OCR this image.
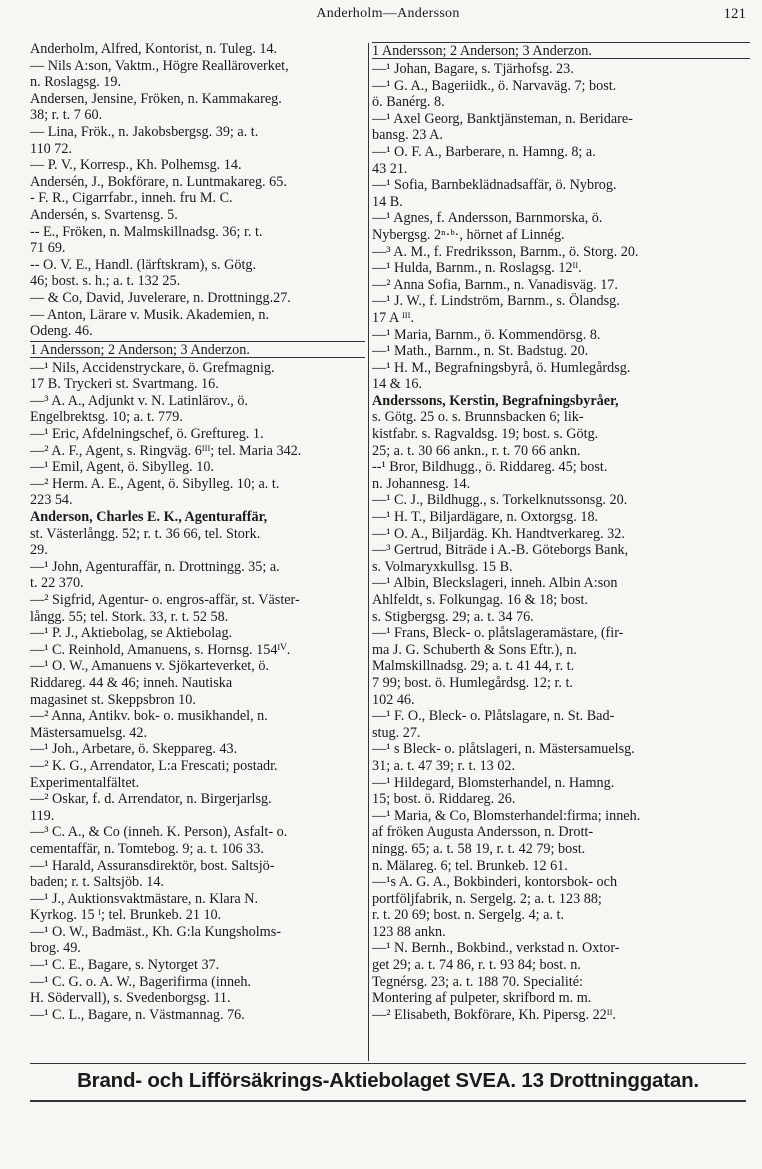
Anderholm—Andersson	121
Anderholm, Alfred, Kontorist, n. Tuleg. 14.
— Nils A:son, Vaktm., Högre Realläroverket,
n. Roslagsg. 19.
Andersen, Jensine, Fröken, n. Kammakareg.
38; r. t. 7 60.
— Lina, Frök., n. Jakobsbergsg. 39; a. t.
110 72.
— P. V., Korresp., Kh. Polhemsg. 14.
Andersén, J., Bokförare, n. Luntmakareg. 65.
- F. R., Cigarrfabr., inneh. fru M. C.
Andersén, s. Svartensg. 5.
-- E., Fröken, n. Malmskillnadsg. 36; r. t.
71 69.
-- O. V. E., Handl. (lärftskram), s. Götg.
46; bost. s. h.; a. t. 132 25.
— & Co, David, Juvelerare, n. Drottningg.27.
— Anton, Lärare v. Musik. Akademien, n.
Odeng. 46.
1 Andersson; 2 Anderson; 3 Anderzon.
—¹ Nils, Accidenstryckare, ö. Grefmagnig.
17 B. Tryckeri st. Svartmang. 16.
—³ A. A., Adjunkt v. N. Latinlärov., ö.
Engelbrektsg. 10; a. t. 779.
—¹ Eric, Afdelningschef, ö. Greftureg. 1.
—² A. F., Agent, s. Ringväg. 6ᴵᴵᴵ; tel. Maria 342.
—¹ Emil, Agent, ö. Sibylleg. 10.
—² Herm. A. E., Agent, ö. Sibylleg. 10; a. t.
223 54.
Anderson, Charles E. K., Agenturaffär,
st. Västerlångg. 52; r. t. 36 66, tel. Stork.
29.
—¹ John, Agenturaffär, n. Drottningg. 35; a.
t. 22 370.
—² Sigfrid, Agentur- o. engros-affär, st. Väster-
långg. 55; tel. Stork. 33, r. t. 52 58.
—¹ P. J., Aktiebolag, se Aktiebolag.
—¹ C. Reinhold, Amanuens, s. Hornsg. 154ᴵⱽ.
—¹ O. W., Amanuens v. Sjökarteverket, ö.
Riddareg. 44 & 46; inneh. Nautiska
magasinet st. Skeppsbron 10.
—² Anna, Antikv. bok- o. musikhandel, n.
Mästersamuelsg. 42.
—¹ Joh., Arbetare, ö. Skeppareg. 43.
—² K. G., Arrendator, L:a Frescati; postadr.
Experimentalfältet.
—² Oskar, f. d. Arrendator, n. Birgerjarlsg.
119.
—³ C. A., & Co (inneh. K. Person), Asfalt- o.
cementaffär, n. Tomtebog. 9; a. t. 106 33.
—¹ Harald, Assuransdirektör, bost. Saltsjö-
baden; r. t. Saltsjöb. 14.
—¹ J., Auktionsvaktmästare, n. Klara N.
Kyrkog. 15 ᴵ; tel. Brunkeb. 21 10.
—¹ O. W., Badmäst., Kh. G:la Kungsholms-
brog. 49.
—¹ C. E., Bagare, s. Nytorget 37.
—¹ C. G. o. A. W., Bagerifirma (inneh.
H. Södervall), s. Svedenborgsg. 11.
—¹ C. L., Bagare, n. Västmannag. 76.
1 Andersson; 2 Anderson; 3 Anderzon.
—¹ Johan, Bagare, s. Tjärhofsg. 23.
—¹ G. A., Bageriidk., ö. Narvaväg. 7; bost.
ö. Banérg. 8.
—¹ Axel Georg, Banktjänsteman, n. Beridare-
bansg. 23 A.
—¹ O. F. A., Barberare, n. Hamng. 8; a.
43 21.
—¹ Sofia, Barnbeklädnadsaffär, ö. Nybrog.
14 B.
—¹ Agnes, f. Andersson, Barnmorska, ö.
Nybergsg. 2ⁿ·ᵇ·, hörnet af Linnég.
—³ A. M., f. Fredriksson, Barnm., ö. Storg. 20.
—¹ Hulda, Barnm., n. Roslagsg. 12ᴵᴵ.
—² Anna Sofia, Barnm., n. Vanadisväg. 17.
—¹ J. W., f. Lindström, Barnm., s. Ölandsg.
17 A ᴵᴵᴵ.
—¹ Maria, Barnm., ö. Kommendörsg. 8.
—¹ Math., Barnm., n. St. Badstug. 20.
—¹ H. M., Begrafningsbyrå, ö. Humlegårdsg.
14 & 16.
Anderssons, Kerstin, Begrafningsbyråer,
s. Götg. 25 o. s. Brunnsbacken 6; lik-
kistfabr. s. Ragvaldsg. 19; bost. s. Götg.
25; a. t. 30 66 ankn., r. t. 70 66 ankn.
--¹ Bror, Bildhugg., ö. Riddareg. 45; bost.
n. Johannesg. 14.
—¹ C. J., Bildhugg., s. Torkelknutssonsg. 20.
—¹ H. T., Biljardägare, n. Oxtorgsg. 18.
—¹ O. A., Biljardäg. Kh. Handtverkareg. 32.
—³ Gertrud, Biträde i A.-B. Göteborgs Bank,
s. Volmaryxkullsg. 15 B.
—¹ Albin, Bleckslageri, inneh. Albin A:son
Ahlfeldt, s. Folkungag. 16 & 18; bost.
s. Stigbergsg. 29; a. t. 34 76.
—¹ Frans, Bleck- o. plåtslageramästare, (fir-
ma J. G. Schuberth & Sons Eftr.), n.
Malmskillnadsg. 29; a. t. 41 44, r. t.
7 99; bost. ö. Humlegårdsg. 12; r. t.
102 46.
—¹ F. O., Bleck- o. Plåtslagare, n. St. Bad-
stug. 27.
—¹ s Bleck- o. plåtslageri, n. Mästersamuelsg.
31; a. t. 47 39; r. t. 13 02.
—¹ Hildegard, Blomsterhandel, n. Hamng.
15; bost. ö. Riddareg. 26.
—¹ Maria, & Co, Blomsterhandel:firma; inneh.
af fröken Augusta Andersson, n. Drott-
ningg. 65; a. t. 58 19, r. t. 42 79; bost.
n. Mälareg. 6; tel. Brunkeb. 12 61.
—¹s A. G. A., Bokbinderi, kontorsbok- och
portföljfabrik, n. Sergelg. 2; a. t. 123 88;
r. t. 20 69; bost. n. Sergelg. 4; a. t.
123 88 ankn.
—¹ N. Bernh., Bokbind., verkstad n. Oxtor-
get 29; a. t. 74 86, r. t. 93 84; bost. n.
Tegnérsg. 23; a. t. 188 70. Specialité:
Montering af pulpeter, skrifbord m. m.
—² Elisabeth, Bokförare, Kh. Pipersg. 22ᴵᴵ.
Brand- och Lifförsäkrings-Aktiebolaget SVEA. 13 Drottninggatan.
